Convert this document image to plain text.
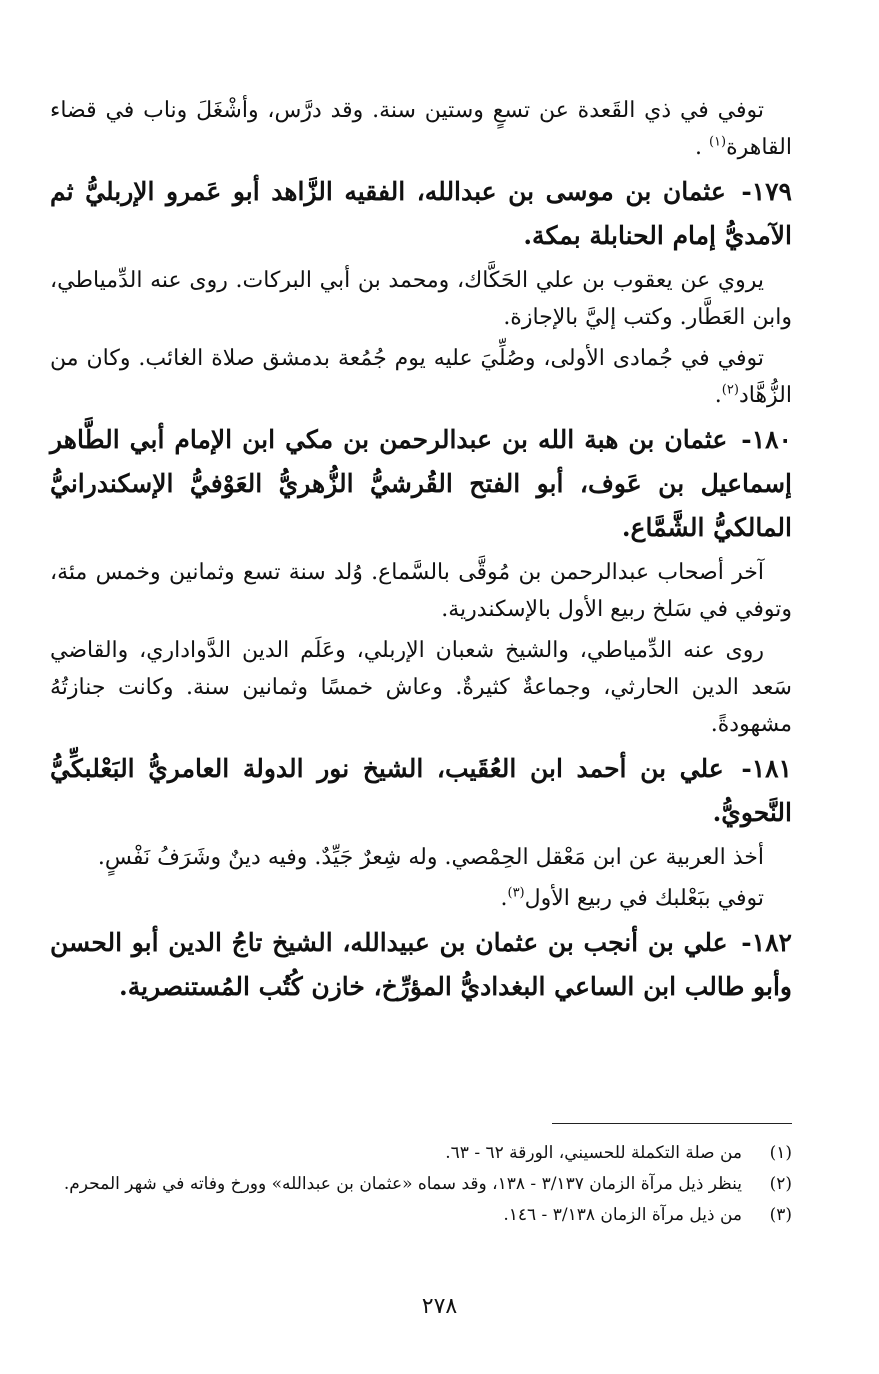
توفي في ذي القَعدة عن تسعٍ وستين سنة. وقد درَّس، وأشْغَلَ وناب في قضاء القاهرة$^{(١)}$ .

١٧٩- عثمان بن موسى بن عبدالله، الفقيه الزَّاهد أبو عَمرو الإربليُّ ثم الآمديُّ إمام الحنابلة بمكة.

يروي عن يعقوب بن علي الحَكَّاك، ومحمد بن أبي البركات. روى عنه الدِّمياطي، وابن العَطَّار. وكتب إليَّ بالإجازة.

توفي في جُمادى الأولى، وصُلِّيَ عليه يوم جُمُعة بدمشق صلاة الغائب. وكان من الزُّهَّاد$^{(٢)}$.

١٨٠- عثمان بن هبة الله بن عبدالرحمن بن مكي ابن الإمام أبي الطَّاهر إسماعيل بن عَوف، أبو الفتح القُرشيُّ الزُّهريُّ العَوْفيُّ الإسكندرانيُّ المالكيُّ الشَّمَّاع.

آخر أصحاب عبدالرحمن بن مُوقَّى بالسَّماع. وُلد سنة تسع وثمانين وخمس مئة، وتوفي في سَلخ ربيع الأول بالإسكندرية.

روى عنه الدِّمياطي، والشيخ شعبان الإربلي، وعَلَم الدين الدَّواداري، والقاضي سَعد الدين الحارثي، وجماعةٌ كثيرةٌ. وعاش خمسًا وثمانين سنة. وكانت جنازتُهُ مشهودةً.

١٨١- علي بن أحمد ابن العُقَيب، الشيخ نور الدولة العامريُّ البَعْلبكِّيُّ النَّحويُّ.

أخذ العربية عن ابن مَعْقل الحِمْصي. وله شِعرٌ جَيِّدٌ. وفيه دينٌ وشَرَفُ نَفْسٍ.

توفي ببَعْلبك في ربيع الأول$^{(٣)}$.

١٨٢- علي بن أنجب بن عثمان بن عبيدالله، الشيخ تاجُ الدين أبو الحسن وأبو طالب ابن الساعي البغداديُّ المؤرِّخ، خازن كُتُب المُستنصرية.

(١)
من صلة التكملة للحسيني، الورقة ٦٢ - ٦٣.
(٢)
ينظر ذيل مرآة الزمان ٣/١٣٧ - ١٣٨، وقد سماه «عثمان بن عبدالله» وورخ وفاته في شهر المحرم.
(٣)
من ذيل مرآة الزمان ٣/١٣٨ - ١٤٦.
٢٧٨
